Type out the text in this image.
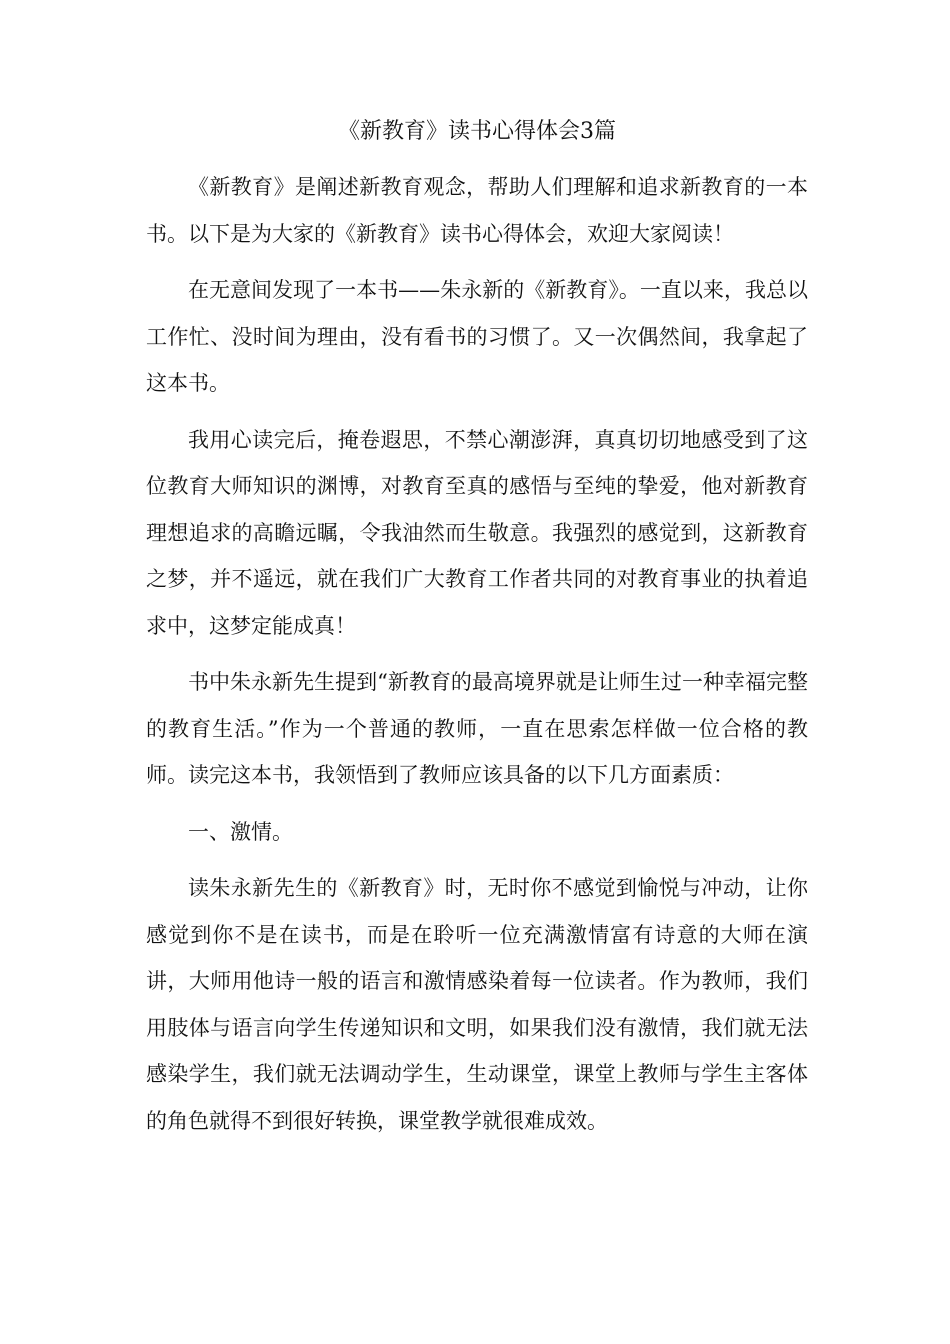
《新教育》读书心得体会3篇

《新教育》是阐述新教育观念，帮助人们理解和追求新教育的一本书。以下是为大家的《新教育》读书心得体会，欢迎大家阅读！

在无意间发现了一本书——朱永新的《新教育》。一直以来，我总以工作忙、没时间为理由，没有看书的习惯了。又一次偶然间，我拿起了这本书。

我用心读完后，掩卷遐思，不禁心潮澎湃，真真切切地感受到了这位教育大师知识的渊博，对教育至真的感悟与至纯的挚爱，他对新教育理想追求的高瞻远瞩，令我油然而生敬意。我强烈的感觉到，这新教育之梦，并不遥远，就在我们广大教育工作者共同的对教育事业的执着追求中，这梦定能成真！

书中朱永新先生提到“新教育的最高境界就是让师生过一种幸福完整的教育生活。”作为一个普通的教师，一直在思索怎样做一位合格的教师。读完这本书，我领悟到了教师应该具备的以下几方面素质：

一、激情。

读朱永新先生的《新教育》时，无时你不感觉到愉悦与冲动，让你感觉到你不是在读书，而是在聆听一位充满激情富有诗意的大师在演讲，大师用他诗一般的语言和激情感染着每一位读者。作为教师，我们用肢体与语言向学生传递知识和文明，如果我们没有激情，我们就无法感染学生，我们就无法调动学生，生动课堂，课堂上教师与学生主客体的角色就得不到很好转换，课堂教学就很难成效。
